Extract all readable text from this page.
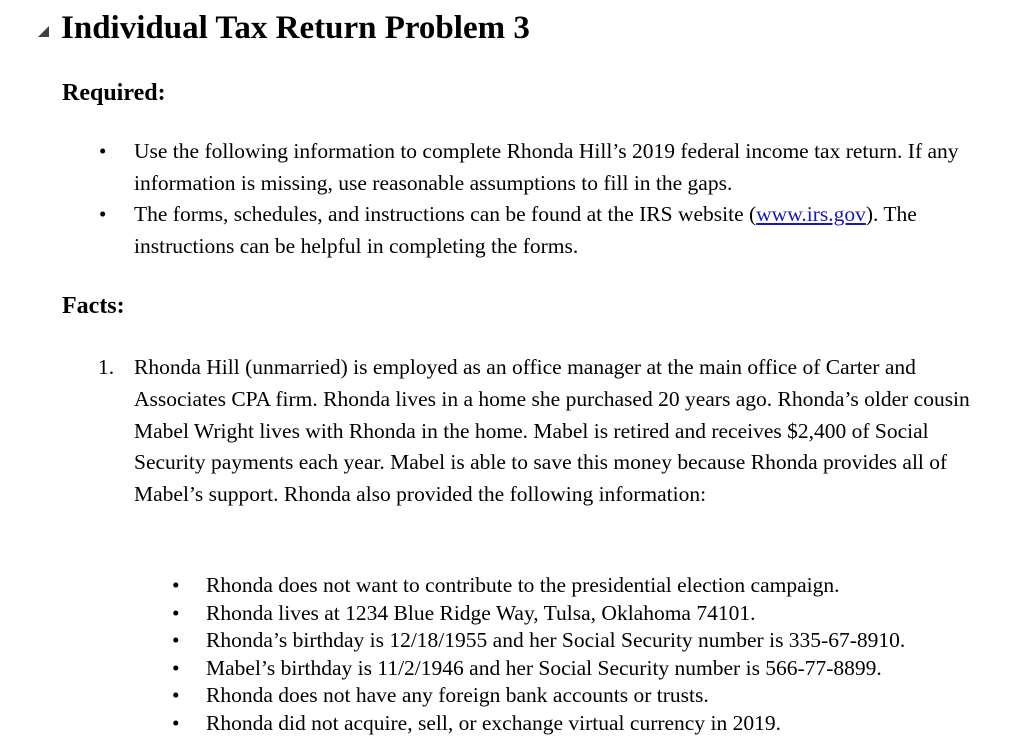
Individual Tax Return Problem 3
Required:
• Use the following information to complete Rhonda Hill’s 2019 federal income tax return. If any information is missing, use reasonable assumptions to fill in the gaps.
• The forms, schedules, and instructions can be found at the IRS website (www.irs.gov). The instructions can be helpful in completing the forms.
Facts:
1. Rhonda Hill (unmarried) is employed as an office manager at the main office of Carter and Associates CPA firm. Rhonda lives in a home she purchased 20 years ago. Rhonda’s older cousin Mabel Wright lives with Rhonda in the home. Mabel is retired and receives $2,400 of Social Security payments each year. Mabel is able to save this money because Rhonda provides all of Mabel’s support. Rhonda also provided the following information:
• Rhonda does not want to contribute to the presidential election campaign.
• Rhonda lives at 1234 Blue Ridge Way, Tulsa, Oklahoma 74101.
• Rhonda’s birthday is 12/18/1955 and her Social Security number is 335-67-8910.
• Mabel’s birthday is 11/2/1946 and her Social Security number is 566-77-8899.
• Rhonda does not have any foreign bank accounts or trusts.
• Rhonda did not acquire, sell, or exchange virtual currency in 2019.
